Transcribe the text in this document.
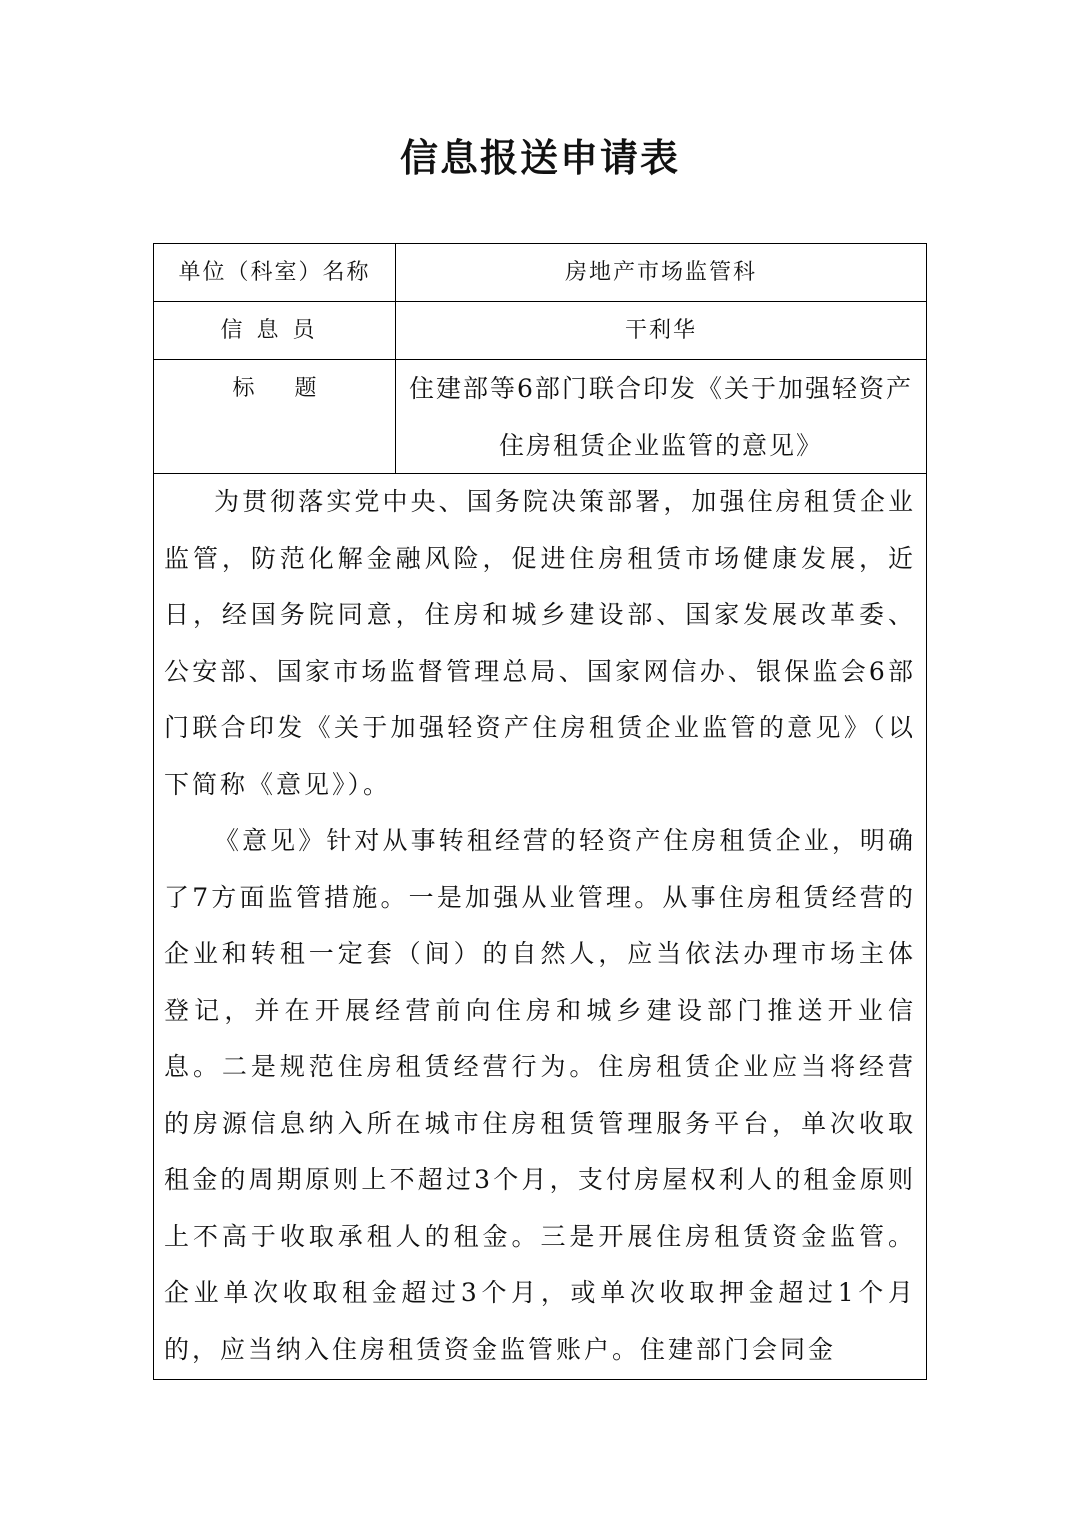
信息报送申请表
单位（科室）名称	房地产市场监管科
信息员	干利华
标题	住建部等6部门联合印发《关于加强轻资产住房租赁企业监管的意见》

为贯彻落实党中央、国务院决策部署，加强住房租赁企业监管，防范化解金融风险，促进住房租赁市场健康发展，近日，经国务院同意，住房和城乡建设部、国家发展改革委、公安部、国家市场监督管理总局、国家网信办、银保监会6部门联合印发《关于加强轻资产住房租赁企业监管的意见》（以下简称《意见》）。

《意见》针对从事转租经营的轻资产住房租赁企业，明确了7方面监管措施。一是加强从业管理。从事住房租赁经营的企业和转租一定套（间）的自然人，应当依法办理市场主体登记，并在开展经营前向住房和城乡建设部门推送开业信息。二是规范住房租赁经营行为。住房租赁企业应当将经营的房源信息纳入所在城市住房租赁管理服务平台，单次收取租金的周期原则上不超过3个月，支付房屋权利人的租金原则上不高于收取承租人的租金。三是开展住房租赁资金监管。企业单次收取租金超过3个月，或单次收取押金超过1个月的，应当纳入住房租赁资金监管账户。住建部门会同金
